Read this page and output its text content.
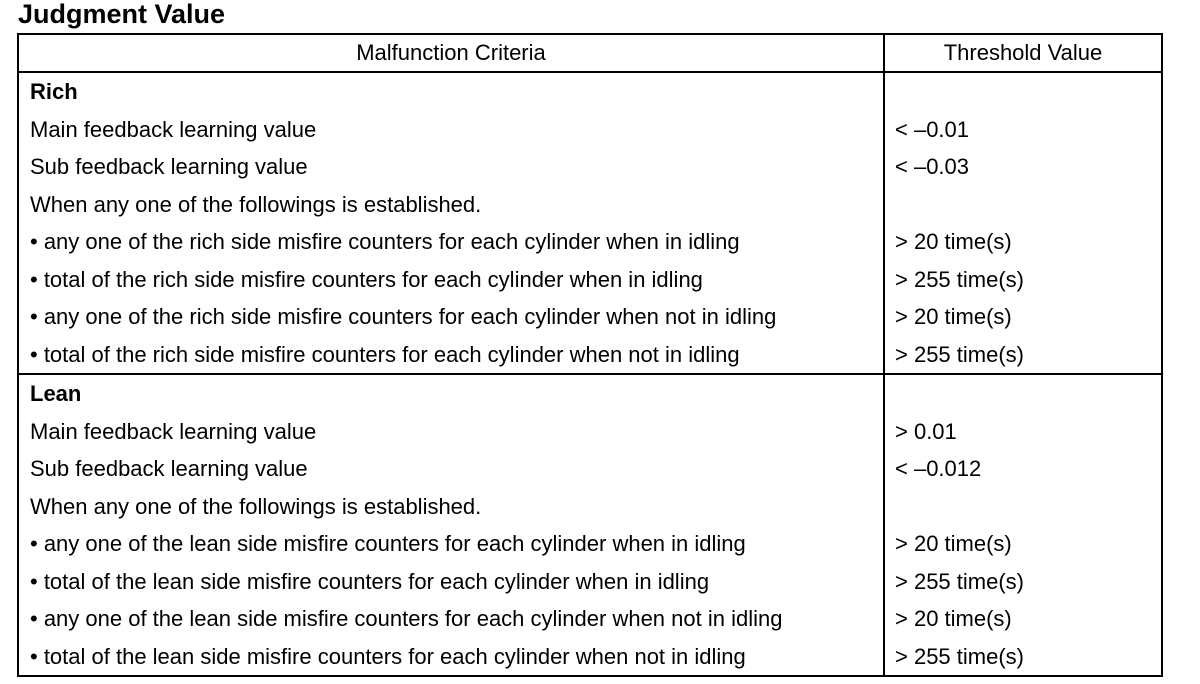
Judgment Value
Malfunction Criteria	Threshold Value
Rich	
Main feedback learning value	< –0.01
Sub feedback learning value	< –0.03
When any one of the followings is established.	
• any one of the rich side misfire counters for each cylinder when in idling	> 20 time(s)
• total of the rich side misfire counters for each cylinder when in idling	> 255 time(s)
• any one of the rich side misfire counters for each cylinder when not in idling	> 20 time(s)
• total of the rich side misfire counters for each cylinder when not in idling	> 255 time(s)
Lean	
Main feedback learning value	> 0.01
Sub feedback learning value	< –0.012
When any one of the followings is established.	
• any one of the lean side misfire counters for each cylinder when in idling	> 20 time(s)
• total of the lean side misfire counters for each cylinder when in idling	> 255 time(s)
• any one of the lean side misfire counters for each cylinder when not in idling	> 20 time(s)
• total of the lean side misfire counters for each cylinder when not in idling	> 255 time(s)
